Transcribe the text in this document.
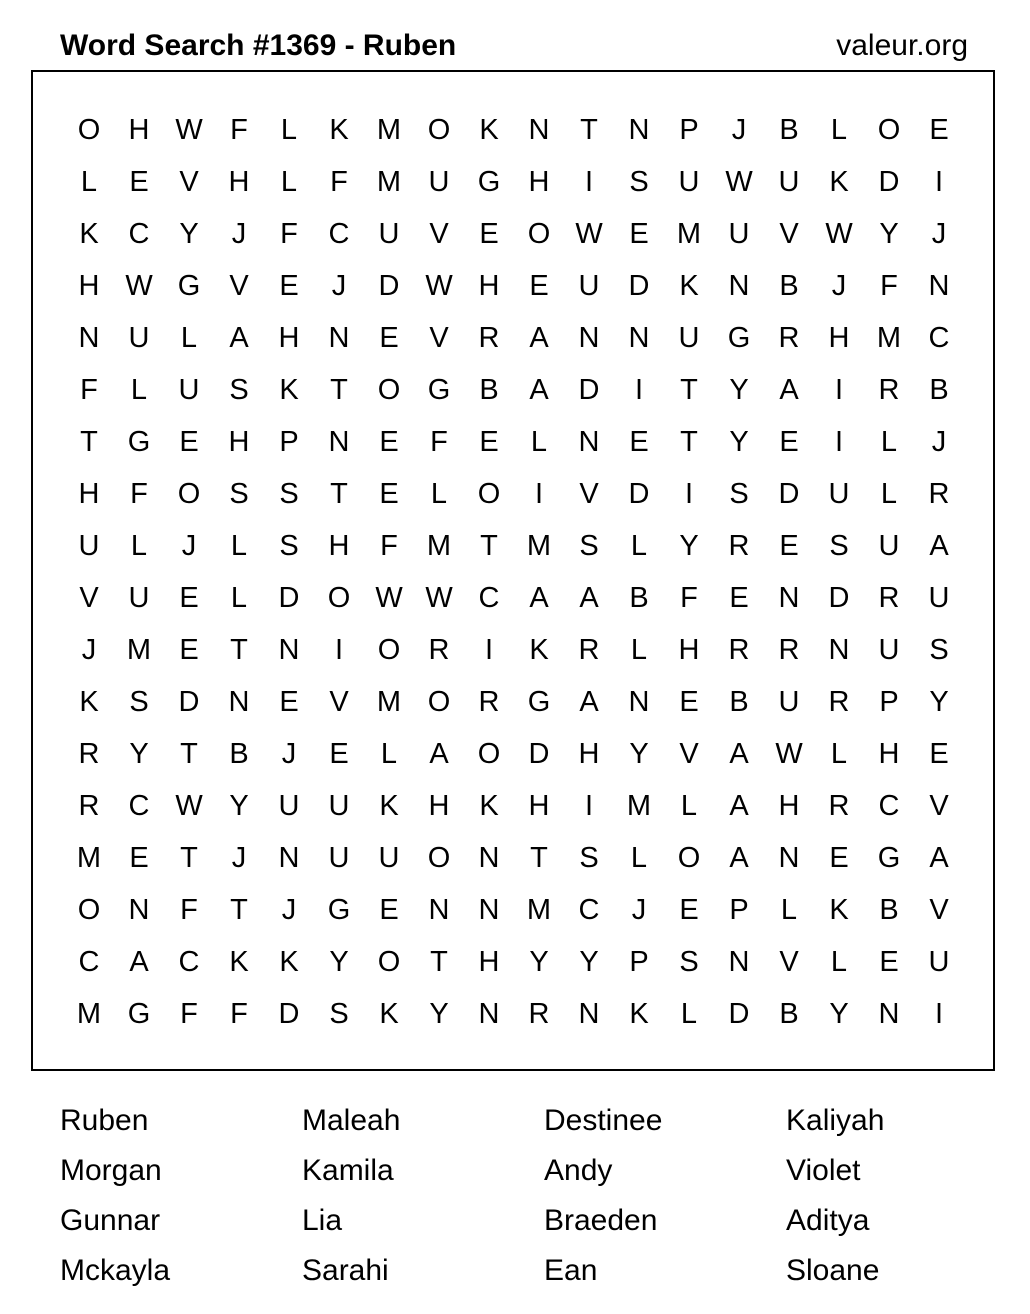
Word Search #1369 - Ruben	valeur.org
O H W F	L	K M O	K	N	T	N	P	J	B	L	O	E
L	E	V	H	L	F	M U G H	I	S	U W U	K	D	I
K	C	Y	J	F	C	U	V	E	O W E M U	V W Y	J
H W G	V	E	J	D W H	E	U	D	K	N	B	J	F	N
N	U	L	A	H	N	E	V	R	A	N	N	U G R	H M C
F	L	U	S	K	T	O G	B	A	D	I	T	Y	A	I	R	B
T	G	E	H	P	N	E	F	E	L	N	E	T	Y	E	I	L	J
H	F	O	S	S	T	E	L	O	I	V	D	I	S	D	U	L	R
U	L	J	L	S	H	F	M	T	M S	L	Y	R	E	S	U	A
V	U	E	L	D O W W C	A	A	B	F	E	N	D	R	U
J	M E	T	N	I	O R	I	K	R	L	H	R	R	N	U	S
K	S	D	N	E	V M O R G	A	N	E	B	U	R	P	Y
R	Y	T	B	J	E	L	A	O D	H	Y	V	A W L	H	E
R	C W Y	U	U	K	H	K	H	I	M	L	A	H	R	C	V
M E	T	J	N	U	U O N	T	S	L	O	A	N	E	G	A
O N	F	T	J	G	E	N	N M C	J	E	P	L	K	B	V
C	A	C	K	K	Y	O	T	H	Y	Y	P	S	N	V	L	E	U
M G	F	F	D	S	K	Y	N	R	N	K	L	D	B	Y	N	I
Ruben	Maleah	Destinee	Kaliyah
Morgan	Kamila	Andy	Violet
Gunnar	Lia	Braeden	Aditya
Mckayla	Sarahi	Ean	Sloane
